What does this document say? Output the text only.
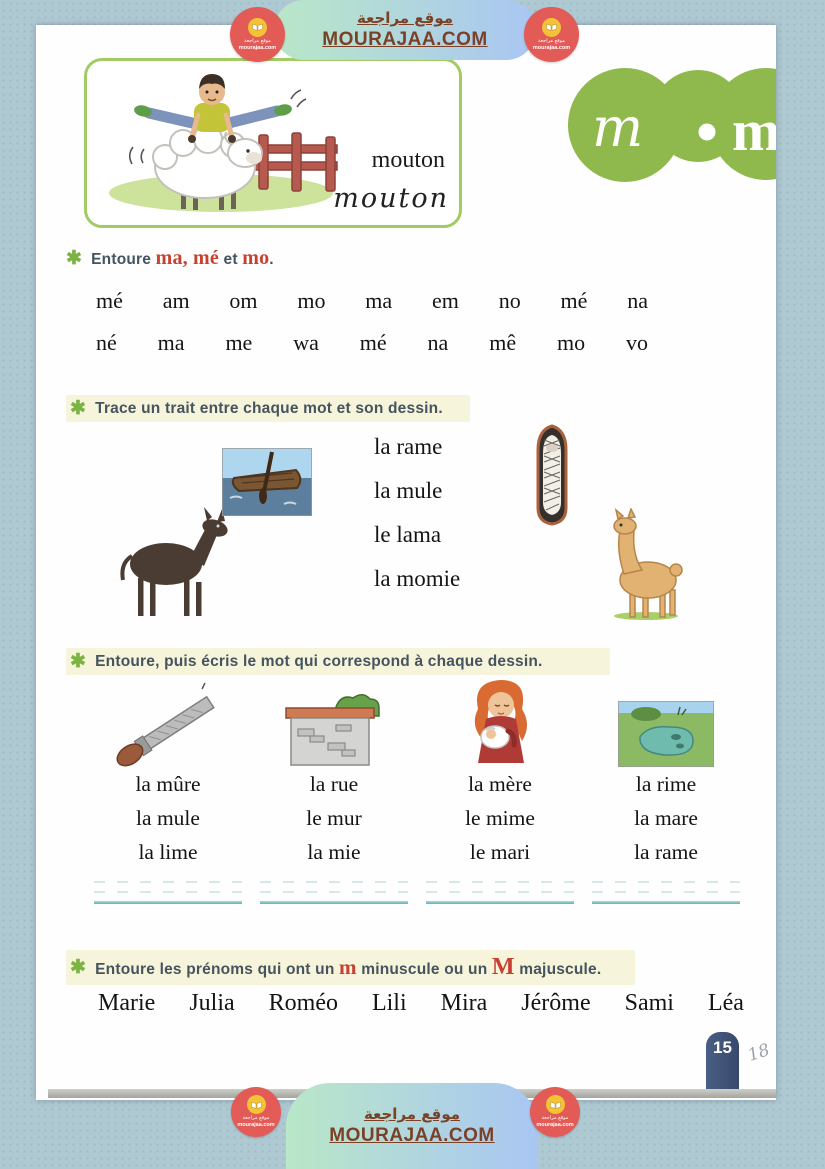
mouton
mouton
m m
✱ Entoure ma, mé et mo.
mé am om mo ma em no mé na
né ma me wa mé na mê mo vo
✱ Trace un trait entre chaque mot et son dessin.
la rame
la mule
le lama
la momie
✱ Entoure, puis écris le mot qui correspond à chaque dessin.
la mûre
la mule
la lime
la rue
le mur
la mie
la mère
le mime
le mari
la rime
la mare
la rame
✱ Entoure les prénoms qui ont un m minuscule ou un M majuscule.
Marie Julia Roméo Lili Mira Jérôme Sami Léa
15 18
موقع مراجعة
MOURAJAA.COM
موقع مراجعة
mourajaa.com
موقع مراجعة
mourajaa.com
موقع مراجعة
MOURAJAA.COM
موقع مراجعة
mourajaa.com
موقع مراجعة
mourajaa.com
